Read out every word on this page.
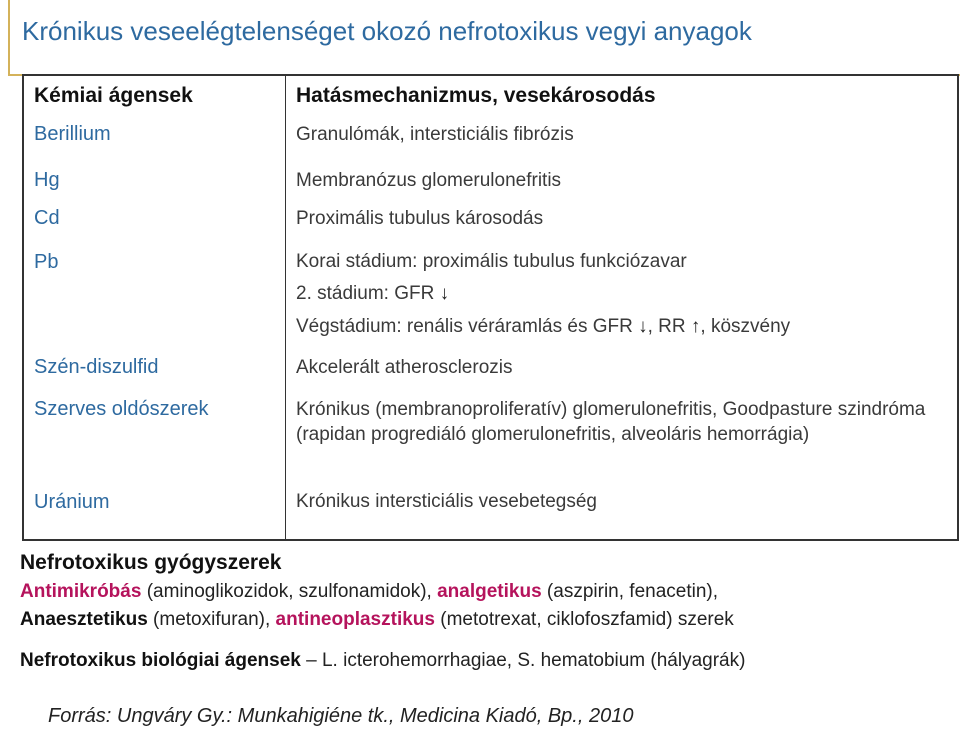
Krónikus veseelégtelenséget okozó nefrotoxikus vegyi anyagok
Kémiai ágensek	Hatásmechanizmus, vesekárosodás
Berillium	Granulómák, intersticiális fibrózis
Hg	Membranózus glomerulonefritis
Cd	Proximális tubulus károsodás
Pb	Korai stádium: proximális tubulus funkciózavar
2. stádium: GFR ↓
Végstádium: renális véráramlás és GFR ↓, RR ↑, köszvény
Szén-diszulfid	Akcelerált atherosclerozis
Szerves oldószerek	Krónikus (membranoproliferatív) glomerulonefritis, Goodpasture szindróma (rapidan progrediáló glomerulonefritis, alveoláris hemorrágia)
Uránium	Krónikus intersticiális vesebetegség
Nefrotoxikus gyógyszerek
Antimikróbás (aminoglikozidok, szulfonamidok), analgetikus (aszpirin, fenacetin),
Anaesztetikus (metoxifuran), antineoplasztikus (metotrexat, ciklofoszfamid) szerek
Nefrotoxikus biológiai ágensek – L. icterohemorrhagiae, S. hematobium (hályagrák)
Forrás: Ungváry Gy.: Munkahigiéne tk., Medicina Kiadó, Bp., 2010
